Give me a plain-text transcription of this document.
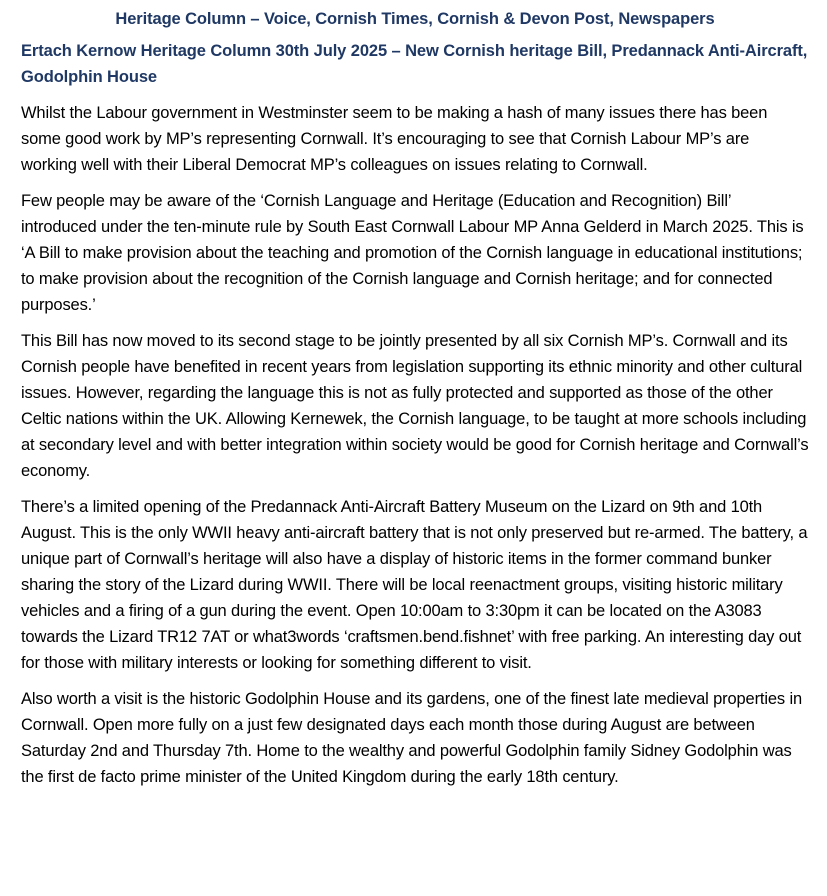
Heritage Column – Voice, Cornish Times, Cornish & Devon Post, Newspapers
Ertach Kernow Heritage Column 30th July 2025 – New Cornish heritage Bill, Predannack Anti-Aircraft, Godolphin House

Whilst the Labour government in Westminster seem to be making a hash of many issues there has been some good work by MP’s representing Cornwall. It’s encouraging to see that Cornish Labour MP’s are working well with their Liberal Democrat MP’s colleagues on issues relating to Cornwall.

Few people may be aware of the ‘Cornish Language and Heritage (Education and Recognition) Bill’ introduced under the ten-minute rule by South East Cornwall Labour MP Anna Gelderd in March 2025. This is ‘A Bill to make provision about the teaching and promotion of the Cornish language in educational institutions; to make provision about the recognition of the Cornish language and Cornish heritage; and for connected purposes.’

This Bill has now moved to its second stage to be jointly presented by all six Cornish MP’s. Cornwall and its Cornish people have benefited in recent years from legislation supporting its ethnic minority and other cultural issues. However, regarding the language this is not as fully protected and supported as those of the other Celtic nations within the UK. Allowing Kernewek, the Cornish language, to be taught at more schools including at secondary level and with better integration within society would be good for Cornish heritage and Cornwall’s economy.

There’s a limited opening of the Predannack Anti-Aircraft Battery Museum on the Lizard on 9th and 10th August. This is the only WWII heavy anti-aircraft battery that is not only preserved but re-armed. The battery, a unique part of Cornwall’s heritage will also have a display of historic items in the former command bunker sharing the story of the Lizard during WWII. There will be local reenactment groups, visiting historic military vehicles and a firing of a gun during the event. Open 10:00am to 3:30pm it can be located on the A3083 towards the Lizard TR12 7AT or what3words ‘craftsmen.bend.fishnet’ with free parking. An interesting day out for those with military interests or looking for something different to visit.

Also worth a visit is the historic Godolphin House and its gardens, one of the finest late medieval properties in Cornwall. Open more fully on a just few designated days each month those during August are between Saturday 2nd and Thursday 7th. Home to the wealthy and powerful Godolphin family Sidney Godolphin was the first de facto prime minister of the United Kingdom during the early 18th century.
